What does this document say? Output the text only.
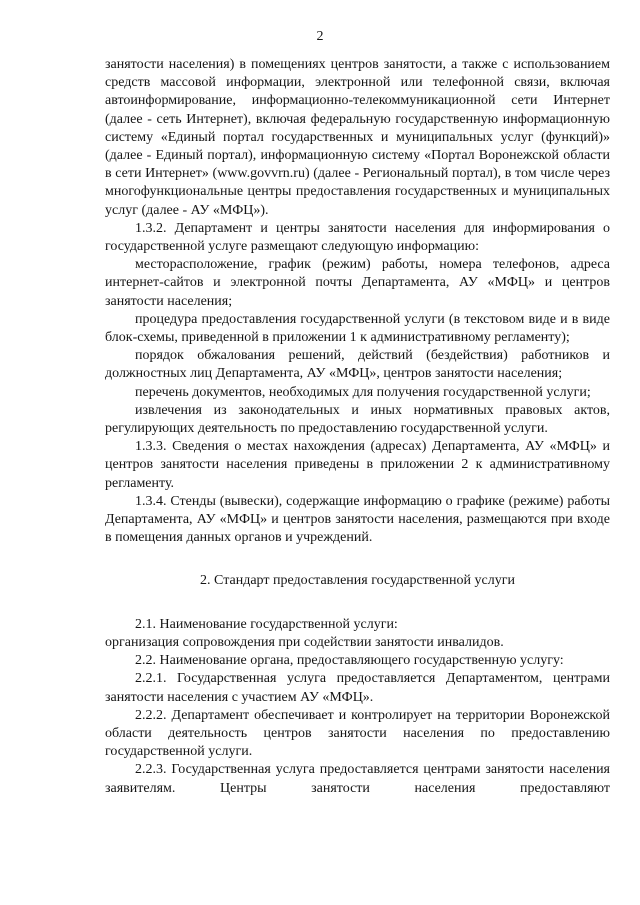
2

занятости населения) в помещениях центров занятости, а также с использованием средств массовой информации, электронной или телефонной связи, включая автоинформирование, информационно-телекоммуникационной сети Интернет (далее - сеть Интернет), включая федеральную государственную информационную систему «Единый портал государственных и муниципальных услуг (функций)» (далее - Единый портал), информационную систему «Портал Воронежской области в сети Интернет» (www.govvrn.ru) (далее - Региональный портал), в том числе через многофункциональные центры предоставления государственных и муниципальных услуг (далее - АУ «МФЦ»).

1.3.2. Департамент и центры занятости населения для информирования о государственной услуге размещают следующую информацию:

месторасположение, график (режим) работы, номера телефонов, адреса интернет-сайтов и электронной почты Департамента, АУ «МФЦ» и центров занятости населения;

процедура предоставления государственной услуги (в текстовом виде и в виде блок-схемы, приведенной в приложении 1 к административному регламенту);

порядок обжалования решений, действий (бездействия) работников и должностных лиц Департамента, АУ «МФЦ», центров занятости населения;

перечень документов, необходимых для получения государственной услуги;

извлечения из законодательных и иных нормативных правовых актов, регулирующих деятельность по предоставлению государственной услуги.

1.3.3. Сведения о местах нахождения (адресах) Департамента, АУ «МФЦ» и центров занятости населения приведены в приложении 2 к административному регламенту.

1.3.4. Стенды (вывески), содержащие информацию о графике (режиме) работы Департамента, АУ «МФЦ» и центров занятости населения, размещаются при входе в помещения данных органов и учреждений.

2. Стандарт предоставления государственной услуги

2.1. Наименование государственной услуги:

организация сопровождения при содействии занятости инвалидов.

2.2. Наименование органа, предоставляющего государственную услугу:

2.2.1. Государственная услуга предоставляется Департаментом, центрами занятости населения с участием АУ «МФЦ».

2.2.2. Департамент обеспечивает и контролирует на территории Воронежской области деятельность центров занятости населения по предоставлению государственной услуги.

2.2.3. Государственная услуга предоставляется центрами занятости населения заявителям. Центры занятости населения предоставляют
